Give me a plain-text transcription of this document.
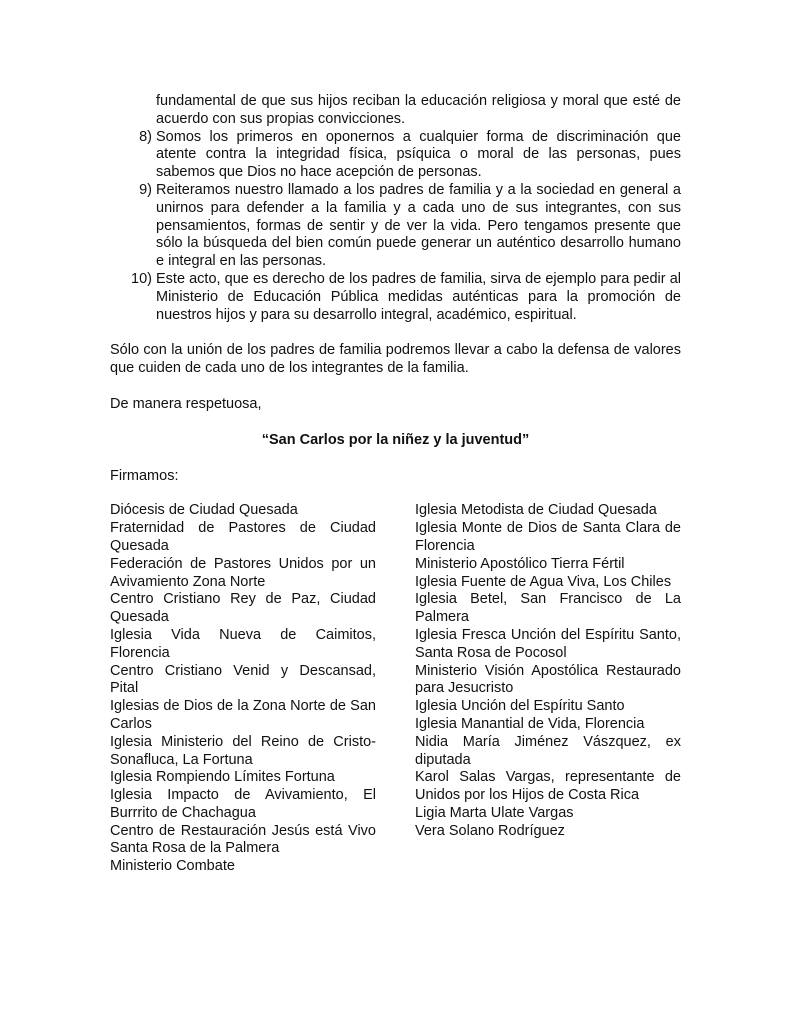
fundamental de que sus hijos reciban la educación religiosa y moral que esté de acuerdo con sus propias convicciones.
8) Somos los primeros en oponernos a cualquier forma de discriminación que atente contra la integridad física, psíquica o moral de las personas, pues sabemos que Dios no hace acepción de personas.
9) Reiteramos nuestro llamado a los padres de familia y a la sociedad en general a unirnos para defender a la familia y a cada uno de sus integrantes, con sus pensamientos, formas de sentir y de ver la vida. Pero tengamos presente que sólo la búsqueda del bien común puede generar un auténtico desarrollo humano e integral en las personas.
10) Este acto, que es derecho de los padres de familia, sirva de ejemplo para pedir al Ministerio de Educación Pública medidas auténticas para la promoción de nuestros hijos y para su desarrollo integral, académico, espiritual.

Sólo con la unión de los padres de familia podremos llevar a cabo la defensa de valores que cuiden de cada uno de los integrantes de la familia.

De manera respetuosa,

“San Carlos por la niñez y la juventud”

Firmamos:

Diócesis de Ciudad Quesada
Fraternidad de Pastores de Ciudad Quesada
Federación de Pastores Unidos por un Avivamiento Zona Norte
Centro Cristiano Rey de Paz, Ciudad Quesada
Iglesia Vida Nueva de Caimitos, Florencia
Centro Cristiano Venid y Descansad, Pital
Iglesias de Dios de la Zona Norte de San Carlos
Iglesia Ministerio del Reino de Cristo-Sonafluca, La Fortuna
Iglesia Rompiendo Límites Fortuna
Iglesia Impacto de Avivamiento, El Burrrito de Chachagua
Centro de Restauración Jesús está Vivo Santa Rosa de la Palmera
Ministerio Combate
Iglesia Metodista de Ciudad Quesada
Iglesia Monte de Dios de Santa Clara de Florencia
Ministerio Apostólico Tierra Fértil
Iglesia Fuente de Agua Viva, Los Chiles
Iglesia Betel, San Francisco de La Palmera
Iglesia Fresca Unción del Espíritu Santo, Santa Rosa de Pocosol
Ministerio Visión Apostólica Restaurado para Jesucristo
Iglesia Unción del Espíritu Santo
Iglesia Manantial de Vida, Florencia
Nidia María Jiménez Vászquez, ex diputada
Karol Salas Vargas, representante de Unidos por los Hijos de Costa Rica
Ligia Marta Ulate Vargas
Vera Solano Rodríguez
